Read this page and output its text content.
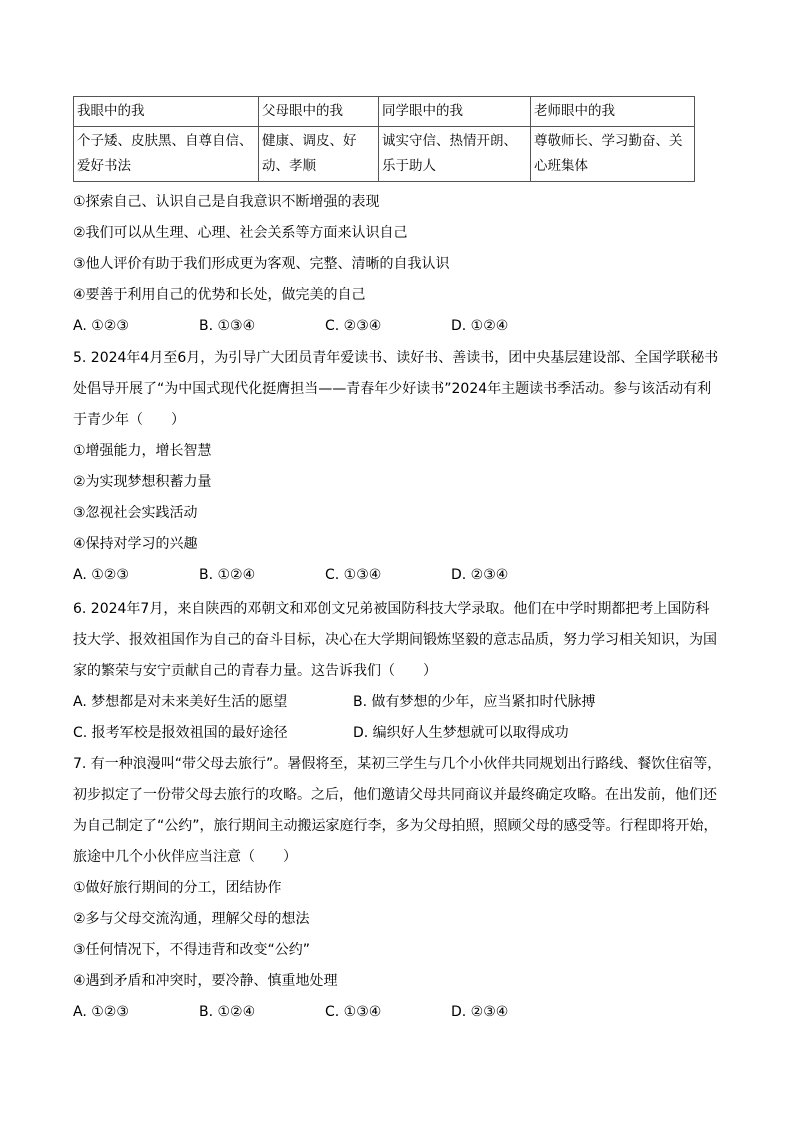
我眼中的我	父母眼中的我	同学眼中的我	老师眼中的我
个子矮、皮肤黑、自尊自信、爱好书法	健康、调皮、好动、孝顺	诚实守信、热情开朗、乐于助人	尊敬师长、学习勤奋、关心班集体
①探索自己、认识自己是自我意识不断增强的表现
②我们可以从生理、心理、社会关系等方面来认识自己
③他人评价有助于我们形成更为客观、完整、清晰的自我认识
④要善于利用自己的优势和长处，做完美的自己
A. ①②③	B. ①③④	C. ②③④	D. ①②④

5. 2024年4月至6月，为引导广大团员青年爱读书、读好书、善读书，团中央基层建设部、全国学联秘书处倡导开展了“为中国式现代化挺膺担当——青春年少好读书”2024年主题读书季活动。参与该活动有利于青少年（　　）

①增强能力，增长智慧
②为实现梦想积蓄力量
③忽视社会实践活动
④保持对学习的兴趣
A. ①②③	B. ①②④	C. ①③④	D. ②③④

6. 2024年7月，来自陕西的邓朝文和邓创文兄弟被国防科技大学录取。他们在中学时期都把考上国防科技大学、报效祖国作为自己的奋斗目标，决心在大学期间锻炼坚毅的意志品质，努力学习相关知识，为国家的繁荣与安宁贡献自己的青春力量。这告诉我们（　　）

A. 梦想都是对未来美好生活的愿望	B. 做有梦想的少年，应当紧扣时代脉搏
C. 报考军校是报效祖国的最好途径	D. 编织好人生梦想就可以取得成功

7. 有一种浪漫叫“带父母去旅行”。暑假将至，某初三学生与几个小伙伴共同规划出行路线、餐饮住宿等，初步拟定了一份带父母去旅行的攻略。之后，他们邀请父母共同商议并最终确定攻略。在出发前，他们还为自己制定了“公约”，旅行期间主动搬运家庭行李，多为父母拍照，照顾父母的感受等。行程即将开始，旅途中几个小伙伴应当注意（　　）

①做好旅行期间的分工，团结协作
②多与父母交流沟通，理解父母的想法
③任何情况下，不得违背和改变“公约”
④遇到矛盾和冲突时，要冷静、慎重地处理
A. ①②③	B. ①②④	C. ①③④	D. ②③④
